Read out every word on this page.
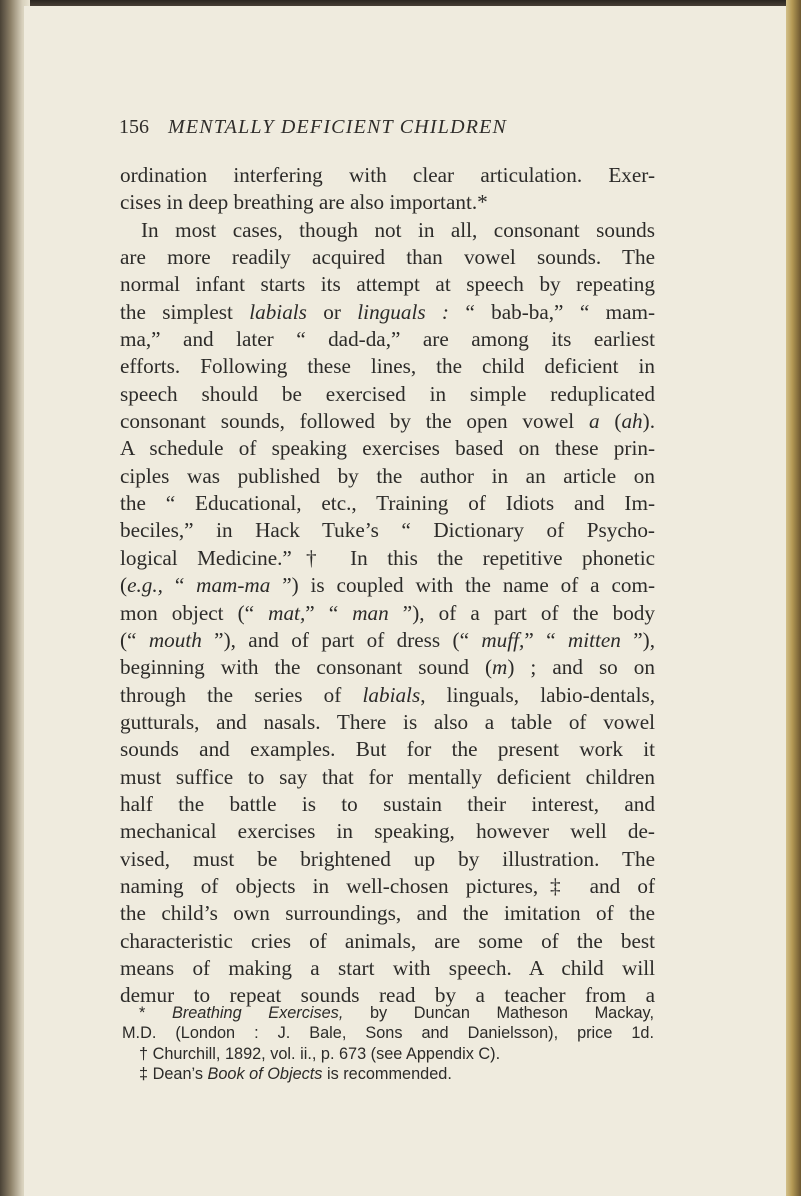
156 MENTALLY DEFICIENT CHILDREN
ordination interfering with clear articulation. Exer-
cises in deep breathing are also important.*
In most cases, though not in all, consonant sounds
are more readily acquired than vowel sounds. The
normal infant starts its attempt at speech by repeating
the simplest labials or linguals : “ bab-ba,” “ mam-
ma,” and later “ dad-da,” are among its earliest
efforts. Following these lines, the child deficient in
speech should be exercised in simple reduplicated
consonant sounds, followed by the open vowel a (ah).
A schedule of speaking exercises based on these prin-
ciples was published by the author in an article on
the “ Educational, etc., Training of Idiots and Im-
beciles,” in Hack Tuke’s “ Dictionary of Psycho-
logical Medicine.”† In this the repetitive phonetic
(e.g., “ mam-ma ”) is coupled with the name of a com-
mon object (“ mat,” “ man ”), of a part of the body
(“ mouth ”), and of part of dress (“ muff,” “ mitten ”),
beginning with the consonant sound (m) ; and so on
through the series of labials, linguals, labio-dentals,
gutturals, and nasals. There is also a table of vowel
sounds and examples. But for the present work it
must suffice to say that for mentally deficient children
half the battle is to sustain their interest, and
mechanical exercises in speaking, however well de-
vised, must be brightened up by illustration. The
naming of objects in well-chosen pictures,‡ and of
the child’s own surroundings, and the imitation of the
characteristic cries of animals, are some of the best
means of making a start with speech. A child will
demur to repeat sounds read by a teacher from a
* Breathing Exercises, by Duncan Matheson Mackay,
M.D. (London : J. Bale, Sons and Danielsson), price 1d.
† Churchill, 1892, vol. ii., p. 673 (see Appendix C).
‡ Dean’s Book of Objects is recommended.
